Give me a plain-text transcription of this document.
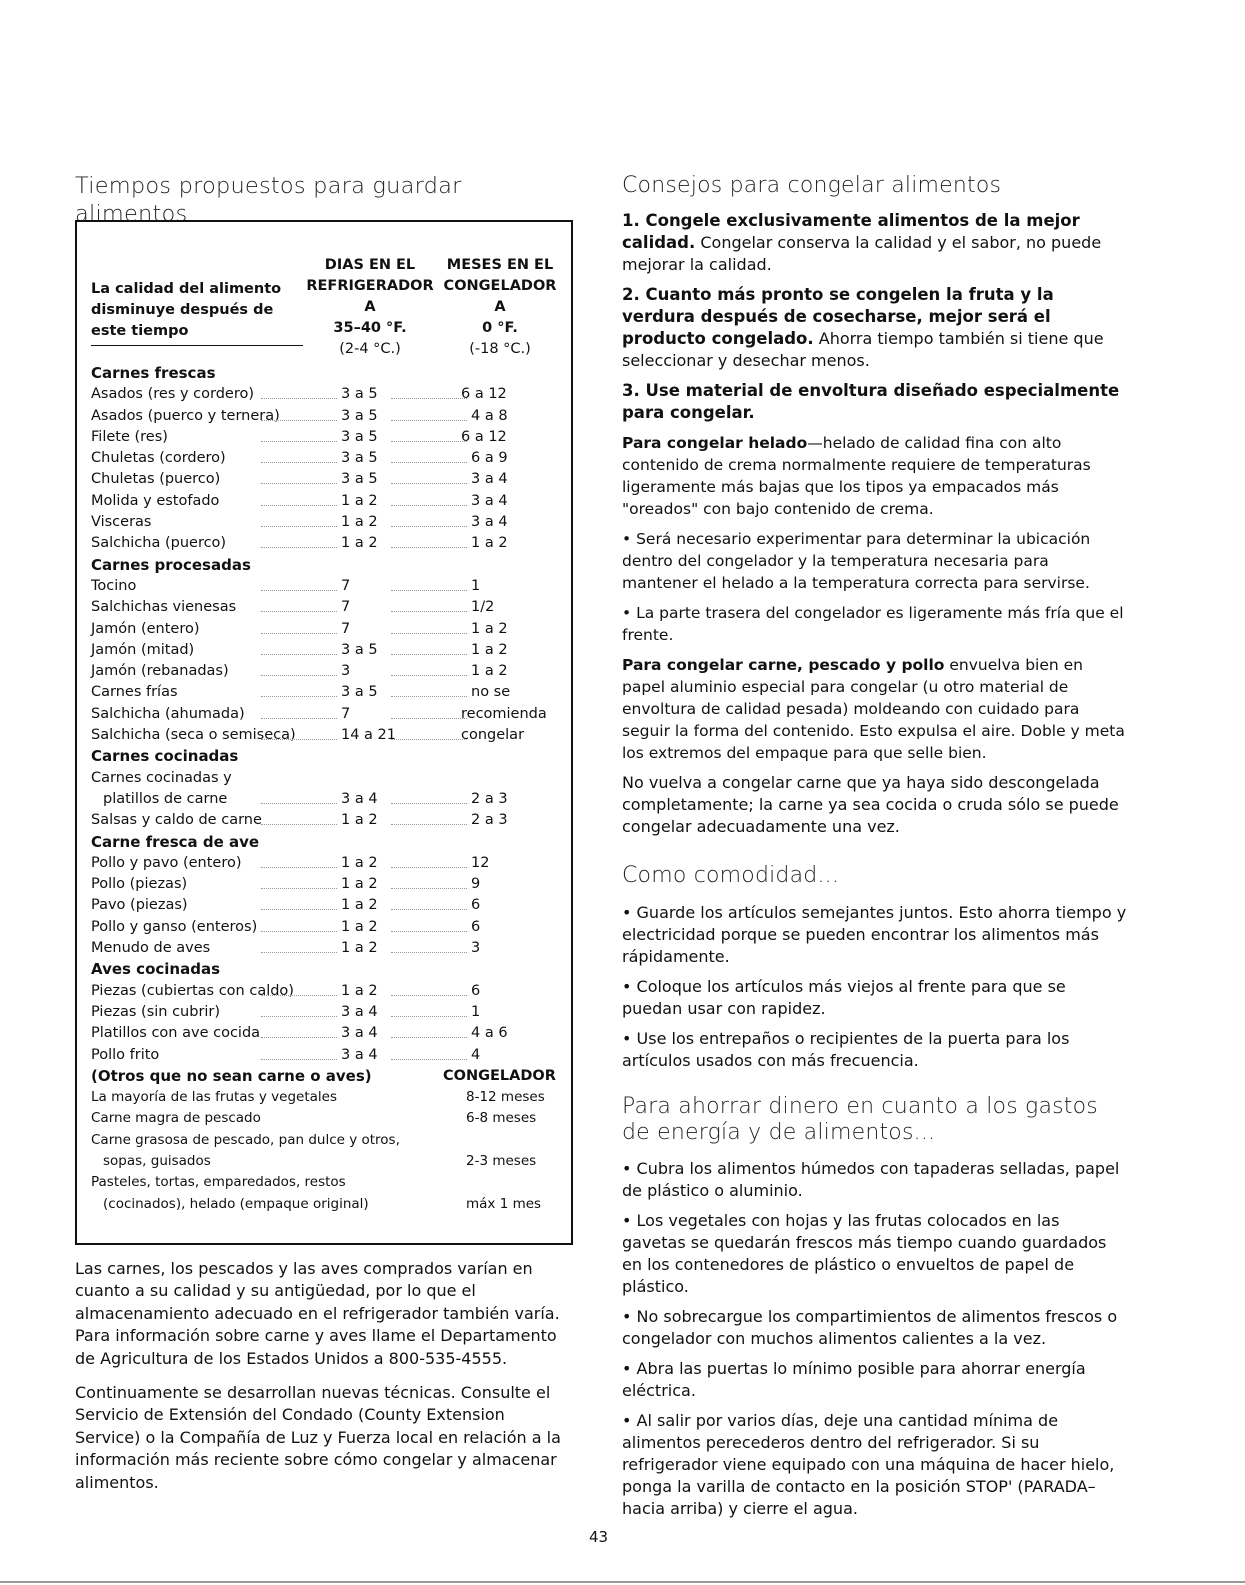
Tiempos propuestos para guardar alimentos
DIAS EN EL
REFRIGERADOR
A
35–40 °F.
(2-4 °C.)
MESES EN EL
CONGELADOR
A
0 °F.
(-18 °C.)
La calidad del alimento
disminuye después de
este tiempo
Carnes frescas
Asados (res y cordero)	3 a 5	6 a 12
Asados (puerco y ternera)	3 a 5	4 a 8
Filete (res)	3 a 5	6 a 12
Chuletas (cordero)	3 a 5	6 a 9
Chuletas (puerco)	3 a 5	3 a 4
Molida y estofado	1 a 2	3 a 4
Visceras	1 a 2	3 a 4
Salchicha (puerco)	1 a 2	1 a 2
Carnes procesadas
Tocino	7	1
Salchichas vienesas	7	1/2
Jamón (entero)	7	1 a 2
Jamón (mitad)	3 a 5	1 a 2
Jamón (rebanadas)	3	1 a 2
Carnes frías	3 a 5	no se
Salchicha (ahumada)	7	recomienda
Salchicha (seca o semiseca)	14 a 21	congelar
Carnes cocinadas
Carnes cocinadas y
platillos de carne	3 a 4	2 a 3
Salsas y caldo de carne	1 a 2	2 a 3
Carne fresca de ave
Pollo y pavo (entero)	1 a 2	12
Pollo (piezas)	1 a 2	9
Pavo (piezas)	1 a 2	6
Pollo y ganso (enteros)	1 a 2	6
Menudo de aves	1 a 2	3
Aves cocinadas
Piezas (cubiertas con caldo)	1 a 2	6
Piezas (sin cubrir)	3 a 4	1
Platillos con ave cocida	3 a 4	4 a 6
Pollo frito	3 a 4	4
(Otros que no sean carne o aves)	CONGELADOR
La mayoría de las frutas y vegetales	8-12 meses
Carne magra de pescado	6-8 meses
Carne grasosa de pescado, pan dulce y otros,
sopas, guisados	2-3 meses
Pasteles, tortas, emparedados, restos
(cocinados), helado (empaque original)	máx 1 mes

Las carnes, los pescados y las aves comprados varían en cuanto a su calidad y su antigüedad, por lo que el almacenamiento adecuado en el refrigerador también varía. Para información sobre carne y aves llame el Departamento de Agricultura de los Estados Unidos a 800-535-4555.

Continuamente se desarrollan nuevas técnicas. Consulte el Servicio de Extensión del Condado (County Extension Service) o la Compañía de Luz y Fuerza local en relación a la información más reciente sobre cómo congelar y almacenar alimentos.

Consejos para congelar alimentos

1. Congele exclusivamente alimentos de la mejor calidad. Congelar conserva la calidad y el sabor, no puede mejorar la calidad.

2. Cuanto más pronto se congelen la fruta y la verdura después de cosecharse, mejor será el producto congelado. Ahorra tiempo también si tiene que seleccionar y desechar menos.

3. Use material de envoltura diseñado especialmente para congelar.

Para congelar helado—helado de calidad fina con alto contenido de crema normalmente requiere de temperaturas ligeramente más bajas que los tipos ya empacados más "oreados" con bajo contenido de crema.

• Será necesario experimentar para determinar la ubicación dentro del congelador y la temperatura necesaria para mantener el helado a la temperatura correcta para servirse.

• La parte trasera del congelador es ligeramente más fría que el frente.

Para congelar carne, pescado y pollo envuelva bien en papel aluminio especial para congelar (u otro material de envoltura de calidad pesada) moldeando con cuidado para seguir la forma del contenido. Esto expulsa el aire. Doble y meta los extremos del empaque para que selle bien.

No vuelva a congelar carne que ya haya sido descongelada completamente; la carne ya sea cocida o cruda sólo se puede congelar adecuadamente una vez.

Como comodidad...

• Guarde los artículos semejantes juntos. Esto ahorra tiempo y electricidad porque se pueden encontrar los alimentos más rápidamente.

• Coloque los artículos más viejos al frente para que se puedan usar con rapidez.

• Use los entrepaños o recipientes de la puerta para los artículos usados con más frecuencia.

Para ahorrar dinero en cuanto a los gastos de energía y de alimentos...

• Cubra los alimentos húmedos con tapaderas selladas, papel de plástico o aluminio.

• Los vegetales con hojas y las frutas colocados en las gavetas se quedarán frescos más tiempo cuando guardados en los contenedores de plástico o envueltos de papel de plástico.

• No sobrecargue los compartimientos de alimentos frescos o congelador con muchos alimentos calientes a la vez.

• Abra las puertas lo mínimo posible para ahorrar energía eléctrica.

• Al salir por varios días, deje una cantidad mínima de alimentos perecederos dentro del refrigerador. Si su refrigerador viene equipado con una máquina de hacer hielo, ponga la varilla de contacto en la posición STOP' (PARADA–hacia arriba) y cierre el agua.

43
